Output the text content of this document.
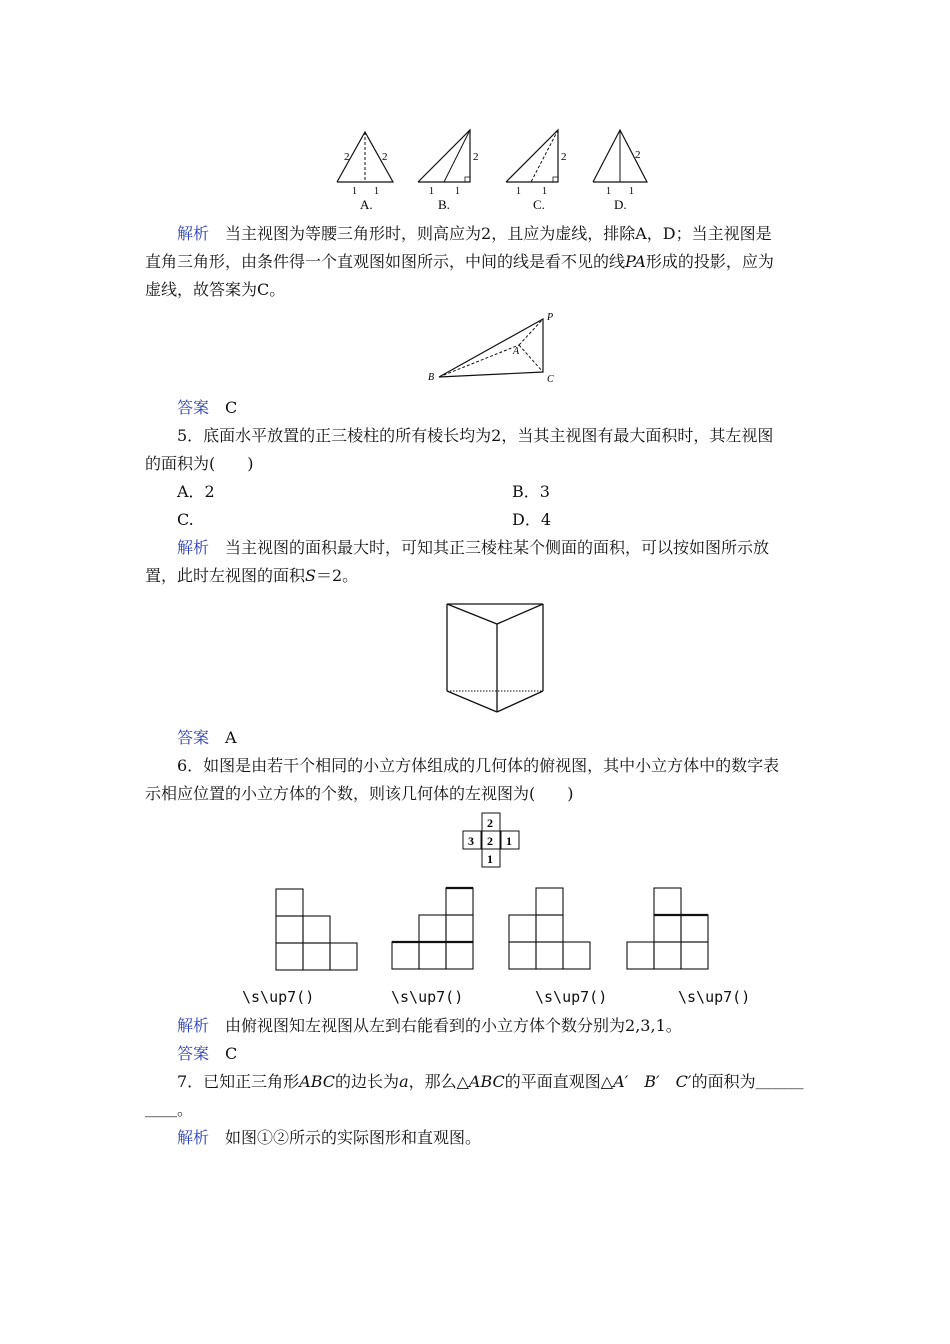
2	2
1 1
A.
2
1 1
B.
2
1 1
C.
2
1 1
D.
解析　 当主视图为等腰三角形时，则高应为2，且应为虚线，排除A，D；当主视图是
直角三角形，由条件得一个直观图如图所示，中间的线是看不见的线PA形成的投影，应为
虚线，故答案为C。
P
A
B	C
答案　 C
5．底面水平放置的正三棱柱的所有棱长均为2，当其主视图有最大面积时，其左视图
的面积为(　　)
A．2	B．3
C.	D．4
解析　 当主视图的面积最大时，可知其正三棱柱某个侧面的面积，可以按如图所示放
置，此时左视图的面积S＝2。
答案　 A
6．如图是由若干个相同的小立方体组成的几何体的俯视图，其中小立方体中的数字表
示相应位置的小立方体的个数，则该几何体的左视图为(　　)
2
3 2 1
1
\s\up7()	\s\up7()	\s\up7()	\s\up7()
解析　 由俯视图知左视图从左到右能看到的小立方体个数分别为2,3,1。
答案　 C
7．已知正三角形ABC的边长为a，那么△ABC的平面直观图△A′　B′　C′的面积为＿＿＿
＿＿。
解析　 如图①②所示的实际图形和直观图。
